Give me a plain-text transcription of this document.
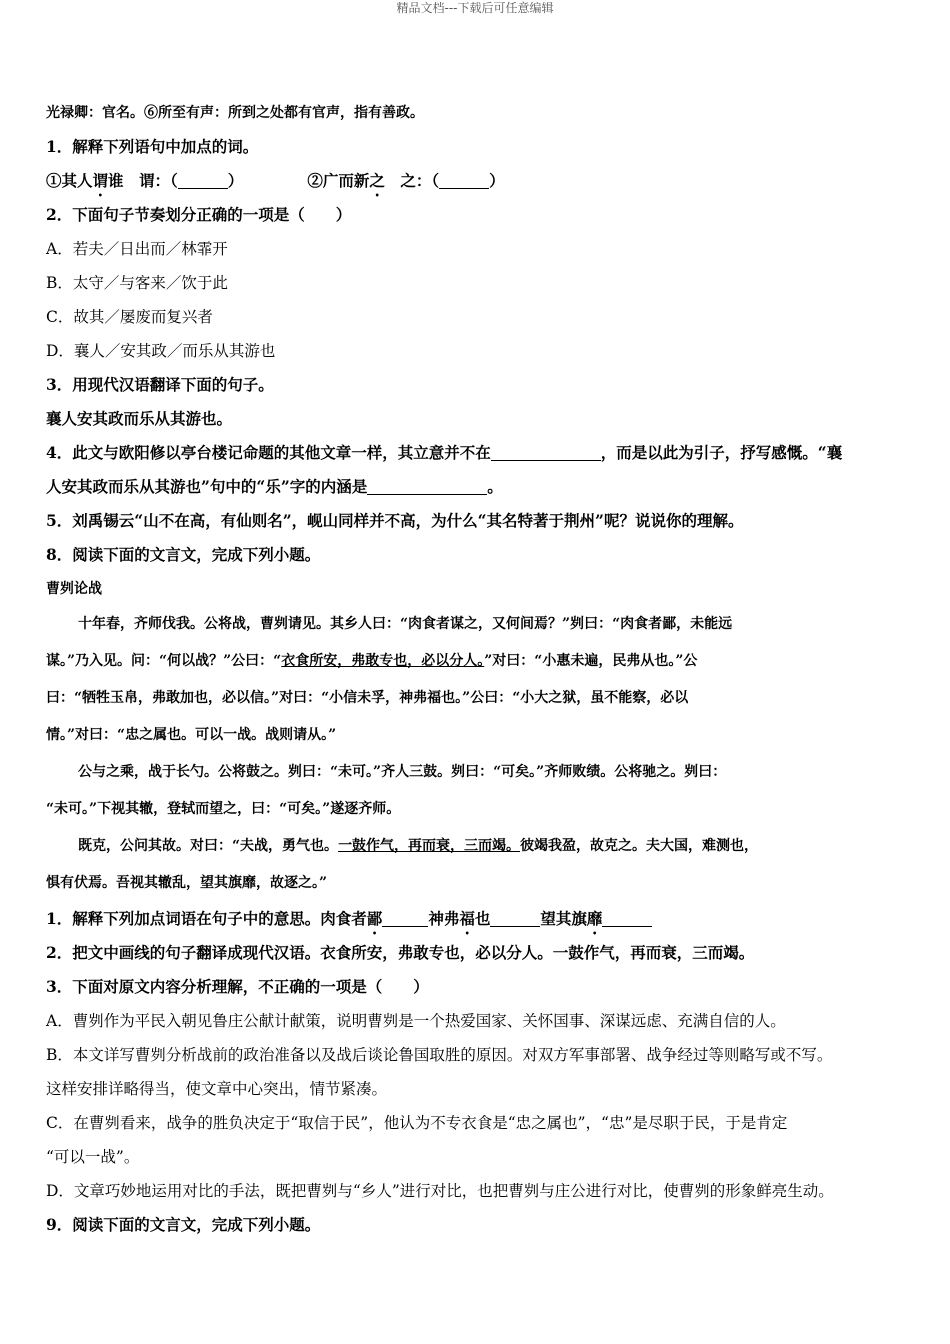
精品文档---下载后可任意编辑
光禄卿：官名。⑥所至有声：所到之处都有官声，指有善政。
1．解释下列语句中加点的词。
①其人谓谁　谓：（	）	②广而新之　之：（	）
2．下面句子节奏划分正确的一项是（　　）
A．若夫／日出而／林霏开
B．太守／与客来／饮于此
C．故其／屡废而复兴者
D．襄人／安其政／而乐从其游也
3．用现代汉语翻译下面的句子。
襄人安其政而乐从其游也。
4．此文与欧阳修以亭台楼记命题的其他文章一样，其立意并不在	，而是以此为引子，抒写感慨。“襄
人安其政而乐从其游也”句中的“乐”字的内涵是	。
5．刘禹锡云“山不在高，有仙则名”，岘山同样并不高，为什么“其名特著于荆州”呢？说说你的理解。
8．阅读下面的文言文，完成下列小题。
曹刿论战
十年春，齐师伐我。公将战，曹刿请见。其乡人曰：“肉食者谋之，又何间焉？”刿曰：“肉食者鄙，未能远
谋。”乃入见。问：“何以战？”公曰：“衣食所安，弗敢专也，必以分人。”对曰：“小惠未遍，民弗从也。”公
曰：“牺牲玉帛，弗敢加也，必以信。”对曰：“小信未孚，神弗福也。”公曰：“小大之狱，虽不能察，必以
情。”对曰：“忠之属也。可以一战。战则请从。”
公与之乘，战于长勺。公将鼓之。刿曰：“未可。”齐人三鼓。刿曰：“可矣。”齐师败绩。公将驰之。刿曰：
“未可。”下视其辙，登轼而望之，曰：“可矣。”遂逐齐师。
既克，公问其故。对曰：“夫战，勇气也。一鼓作气，再而衰，三而竭。彼竭我盈，故克之。夫大国，难测也，
惧有伏焉。吾视其辙乱，望其旗靡，故逐之。”
1．解释下列加点词语在句子中的意思。肉食者鄙	神弗福也	望其旗靡
2．把文中画线的句子翻译成现代汉语。衣食所安，弗敢专也，必以分人。一鼓作气，再而衰，三而竭。
3．下面对原文内容分析理解，不正确的一项是（　　）
A．曹刿作为平民入朝见鲁庄公献计献策，说明曹刿是一个热爱国家、关怀国事、深谋远虑、充满自信的人。
B．本文详写曹刿分析战前的政治准备以及战后谈论鲁国取胜的原因。对双方军事部署、战争经过等则略写或不写。
这样安排详略得当，使文章中心突出，情节紧凑。
C．在曹刿看来，战争的胜负决定于“取信于民”，他认为不专衣食是“忠之属也”，“忠”是尽职于民，于是肯定
“可以一战”。
D．文章巧妙地运用对比的手法，既把曹刿与“乡人”进行对比，也把曹刿与庄公进行对比，使曹刿的形象鲜亮生动。
9．阅读下面的文言文，完成下列小题。
